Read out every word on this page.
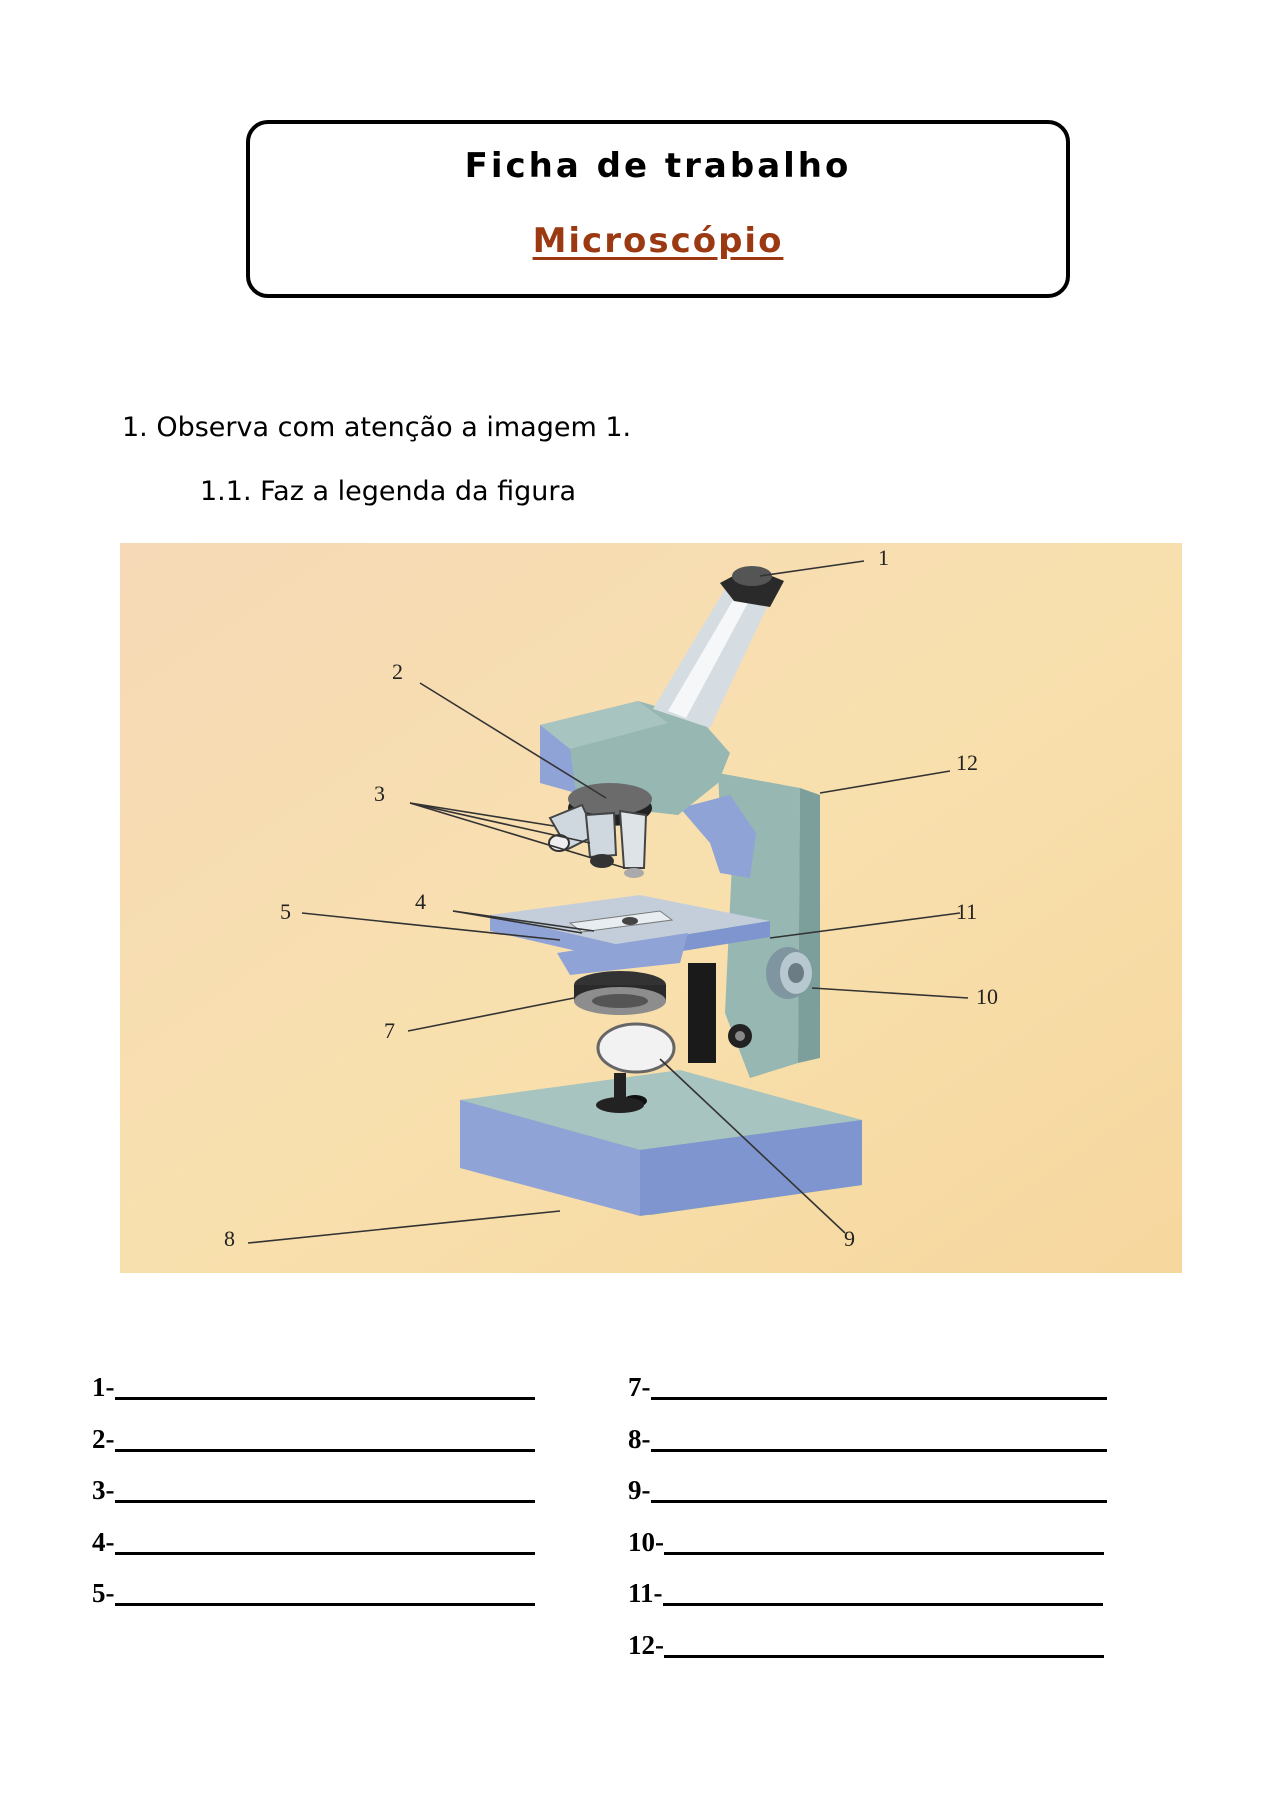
Ficha de trabalho
Microscópio
1. Observa com atenção a imagem 1.
1.1. Faz a legenda da figura
1
2
3
4
5
7
8	9
10
11
12
1-
2-
3-
4-
5-
7-
8-
9-
10-
11-
12-
